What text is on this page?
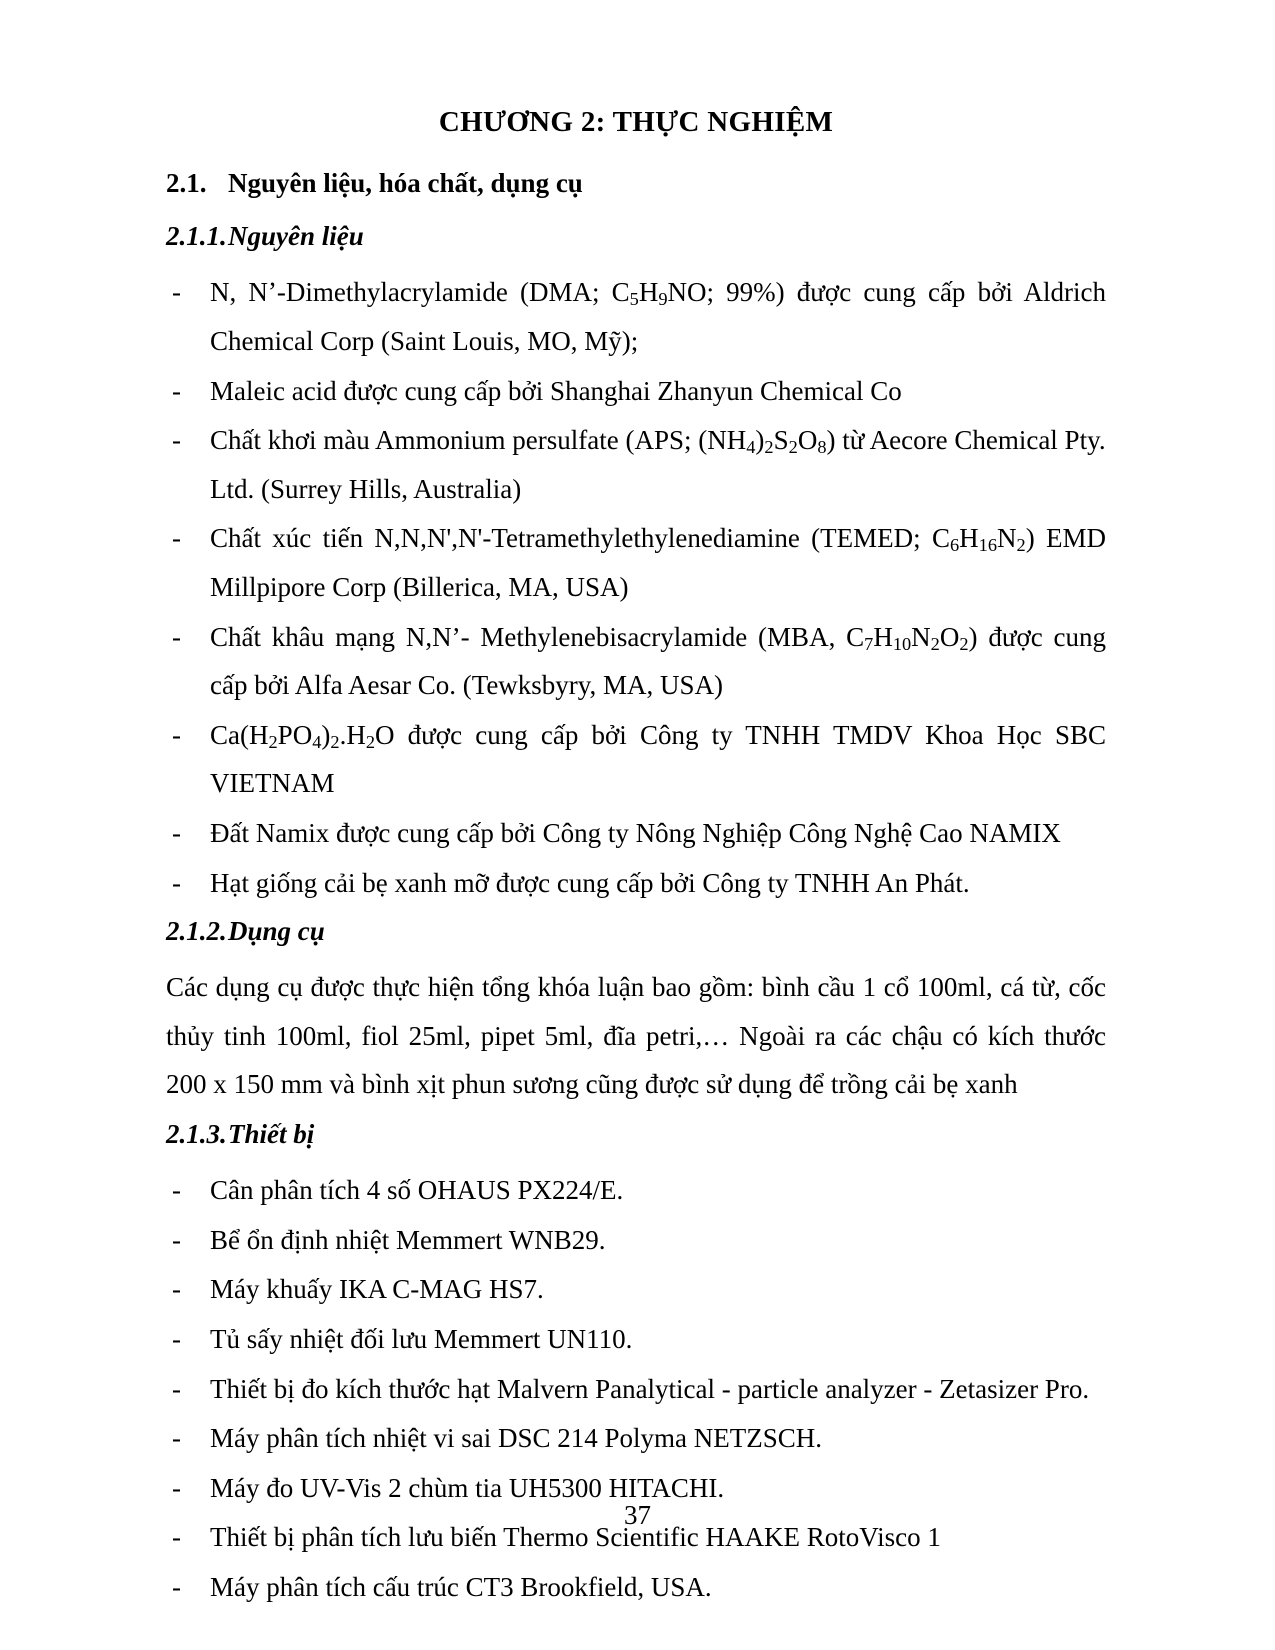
CHƯƠNG 2: THỰC NGHIỆM
2.1. Nguyên liệu, hóa chất, dụng cụ
2.1.1. Nguyên liệu
-	N, Nʼ-Dimethylacrylamide (DMA; $C_5H_9NO$; 99%) được cung cấp bởi Aldrich Chemical Corp (Saint Louis, MO, Mỹ);
-	Maleic acid được cung cấp bởi Shanghai Zhanyun Chemical Co
-	Chất khơi màu Ammonium persulfate (APS; $(NH_4)_2S_2O_8$) từ Aecore Chemical Pty. Ltd. (Surrey Hills, Australia)
-	Chất xúc tiến N,N,N',N'-Tetramethylethylenediamine (TEMED; $C_6H_{16}N_2$) EMD Millpipore Corp (Billerica, MA, USA)
-	Chất khâu mạng N,N’- Methylenebisacrylamide (MBA, $C_7H_{10}N_2O_2$) được cung cấp bởi Alfa Aesar Co. (Tewksbyry, MA, USA)
-	$Ca(H_2PO_4)_2.H_2O$ được cung cấp bởi Công ty TNHH TMDV Khoa Học SBC VIETNAM
-	Đất Namix được cung cấp bởi Công ty Nông Nghiệp Công Nghệ Cao NAMIX
-	Hạt giống cải bẹ xanh mỡ được cung cấp bởi Công ty TNHH An Phát.
2.1.2. Dụng cụ

Các dụng cụ được thực hiện tổng khóa luận bao gồm: bình cầu 1 cổ 100ml, cá từ, cốc thủy tinh 100ml, fiol 25ml, pipet 5ml, đĩa petri,… Ngoài ra các chậu có kích thước 200 x 150 mm và bình xịt phun sương cũng được sử dụng để trồng cải bẹ xanh

2.1.3. Thiết bị
-	Cân phân tích 4 số OHAUS PX224/E.
-	Bể ổn định nhiệt Memmert WNB29.
-	Máy khuấy IKA C-MAG HS7.
-	Tủ sấy nhiệt đối lưu Memmert UN110.
-	Thiết bị đo kích thước hạt Malvern Panalytical - particle analyzer - Zetasizer Pro.
-	Máy phân tích nhiệt vi sai DSC 214 Polyma NETZSCH.
-	Máy đo UV-Vis 2 chùm tia UH5300 HITACHI.
-	Thiết bị phân tích lưu biến Thermo Scientific HAAKE RotoVisco 1
-	Máy phân tích cấu trúc CT3 Brookfield, USA.
37
